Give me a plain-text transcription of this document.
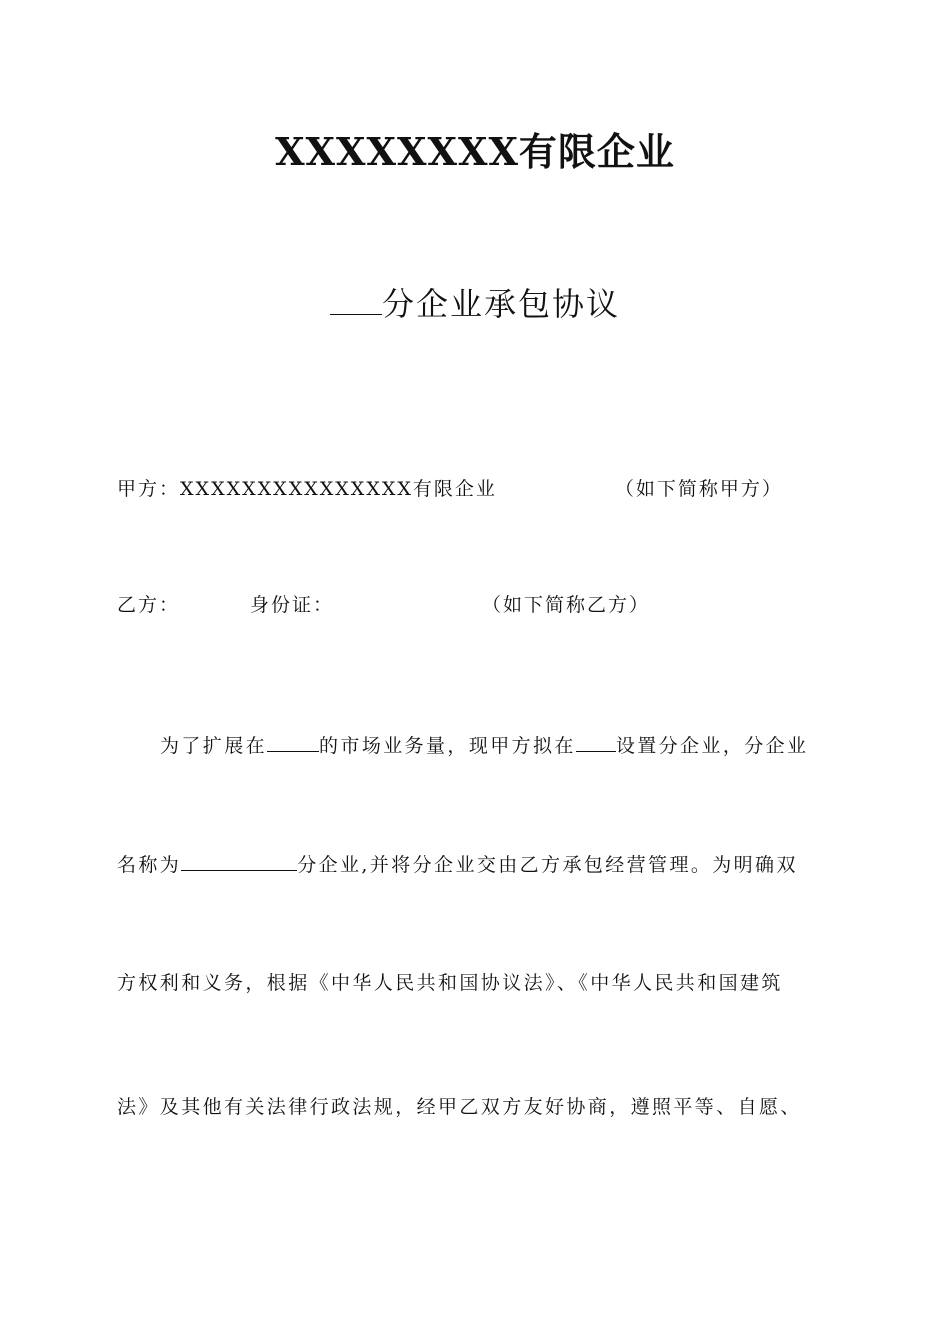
XXXXXXXX有限企业
分企业承包协议
甲方：XXXXXXXXXXXXXXX有限企业	（如下简称甲方）
乙方：	身份证：	（如下简称乙方）
为了扩展在	的市场业务量，现甲方拟在 设置分企业，分企业
名称为	分企业,并将分企业交由乙方承包经营管理。为明确双
方权利和义务，根据《中华人民共和国协议法》、《中华人民共和国建筑
法》及其他有关法律行政法规，经甲乙双方友好协商，遵照平等、自愿、
